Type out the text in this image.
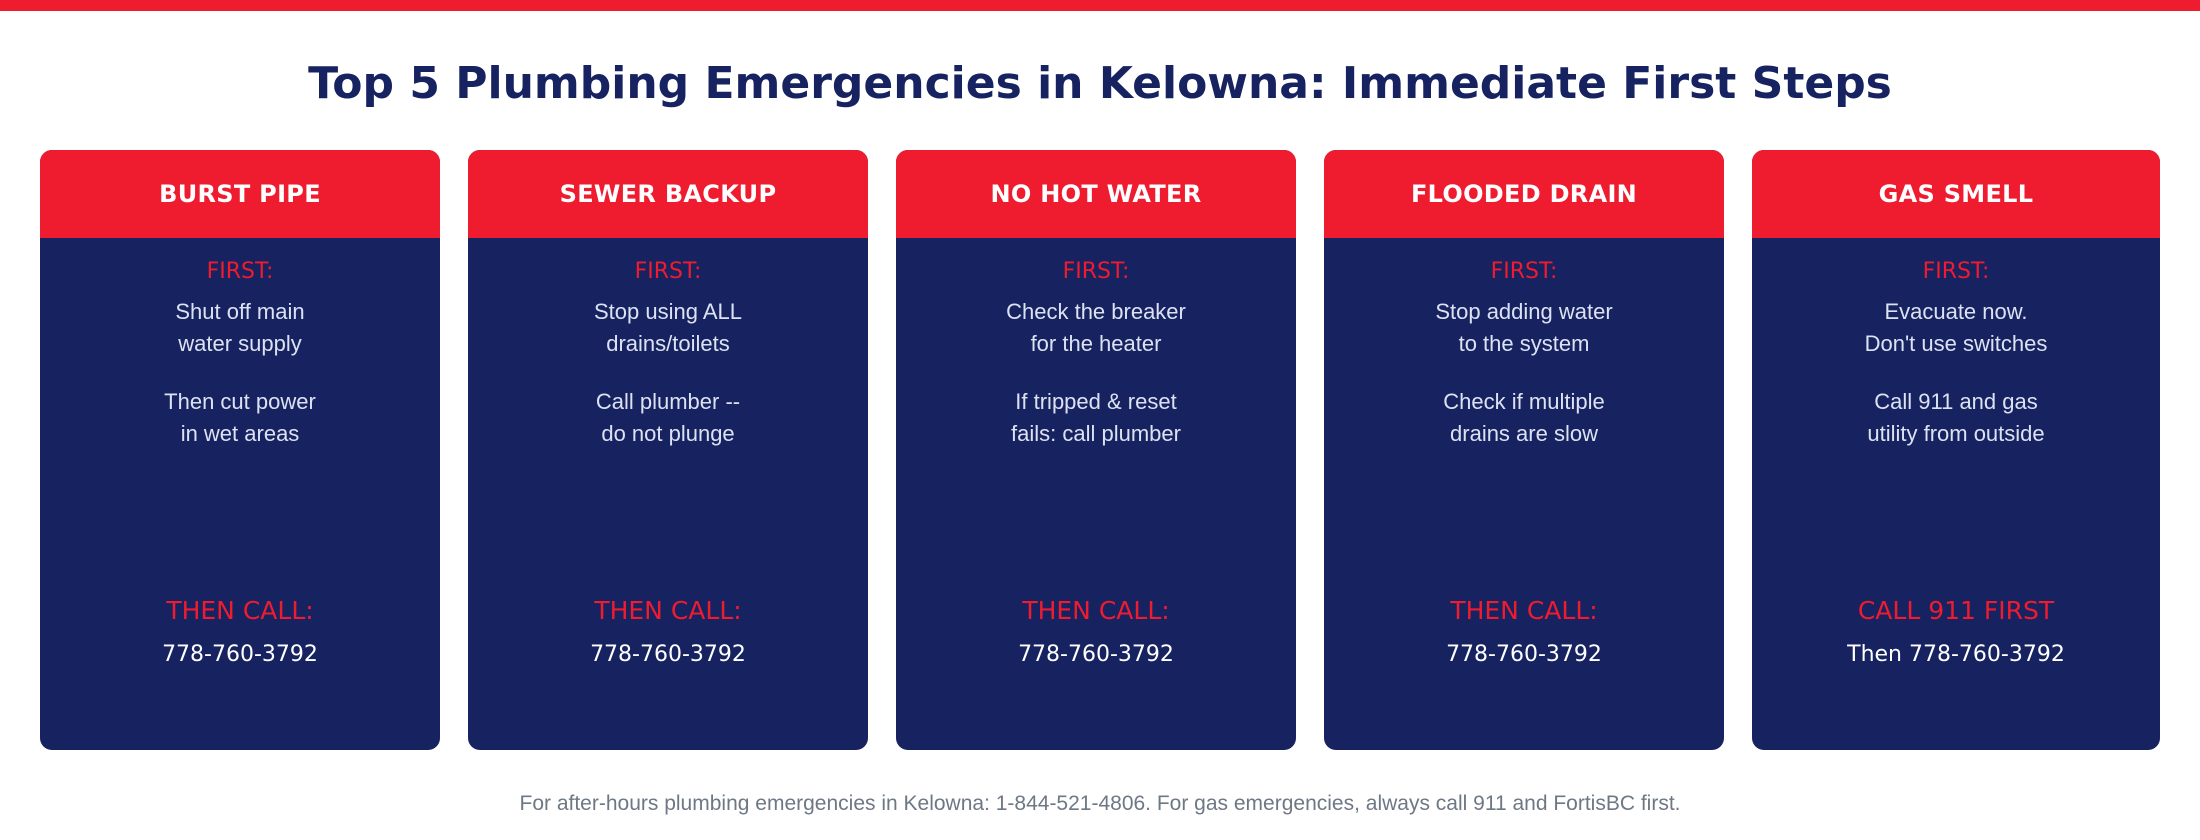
Top 5 Plumbing Emergencies in Kelowna: Immediate First Steps
BURST PIPE
FIRST:
Shut off main
water supply
Then cut power
in wet areas
THEN CALL:
778-760-3792
SEWER BACKUP
FIRST:
Stop using ALL
drains/toilets
Call plumber --
do not plunge
THEN CALL:
778-760-3792
NO HOT WATER
FIRST:
Check the breaker
for the heater
If tripped & reset
fails: call plumber
THEN CALL:
778-760-3792
FLOODED DRAIN
FIRST:
Stop adding water
to the system
Check if multiple
drains are slow
THEN CALL:
778-760-3792
GAS SMELL
FIRST:
Evacuate now.
Don't use switches
Call 911 and gas
utility from outside
CALL 911 FIRST
Then 778-760-3792

For after-hours plumbing emergencies in Kelowna: 1-844-521-4806. For gas emergencies, always call 911 and FortisBC first.
